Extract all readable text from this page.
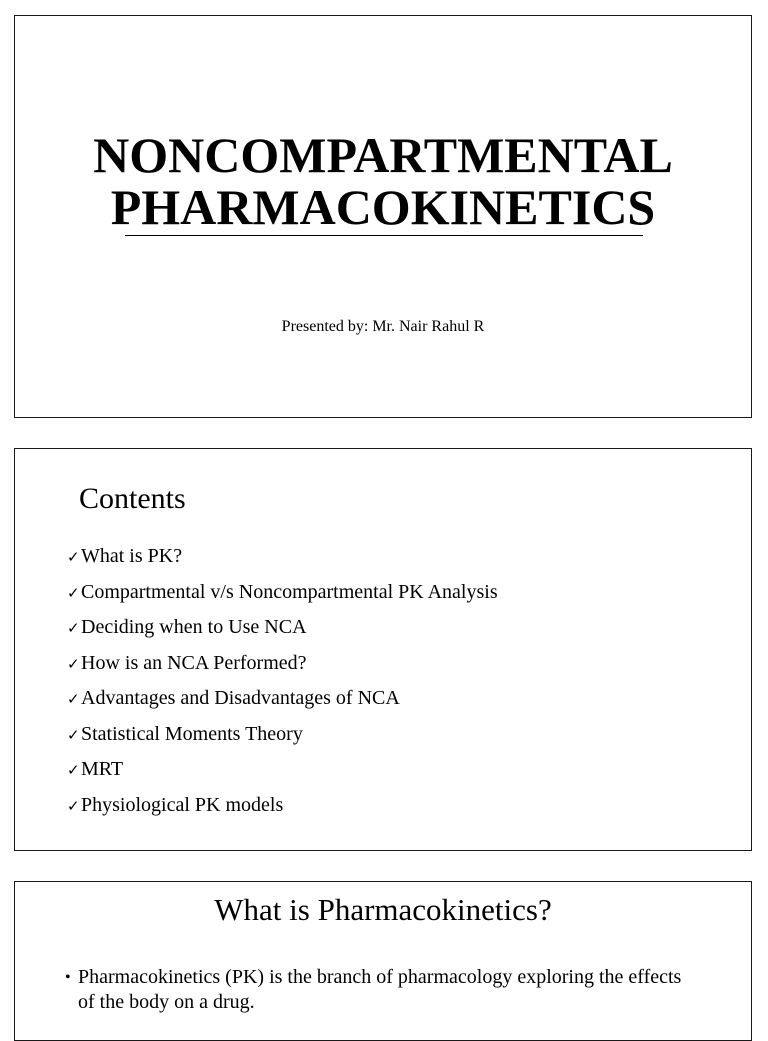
NONCOMPARTMENTAL
PHARMACOKINETICS
Presented by: Mr. Nair Rahul R
Contents
✓What is PK?
✓Compartmental v/s Noncompartmental PK Analysis
✓Deciding when to Use NCA
✓How is an NCA Performed?
✓Advantages and Disadvantages of NCA
✓Statistical Moments Theory
✓MRT
✓Physiological PK models
What is Pharmacokinetics?
• Pharmacokinetics (PK) is the branch of pharmacology exploring the effects of the body on a drug.
